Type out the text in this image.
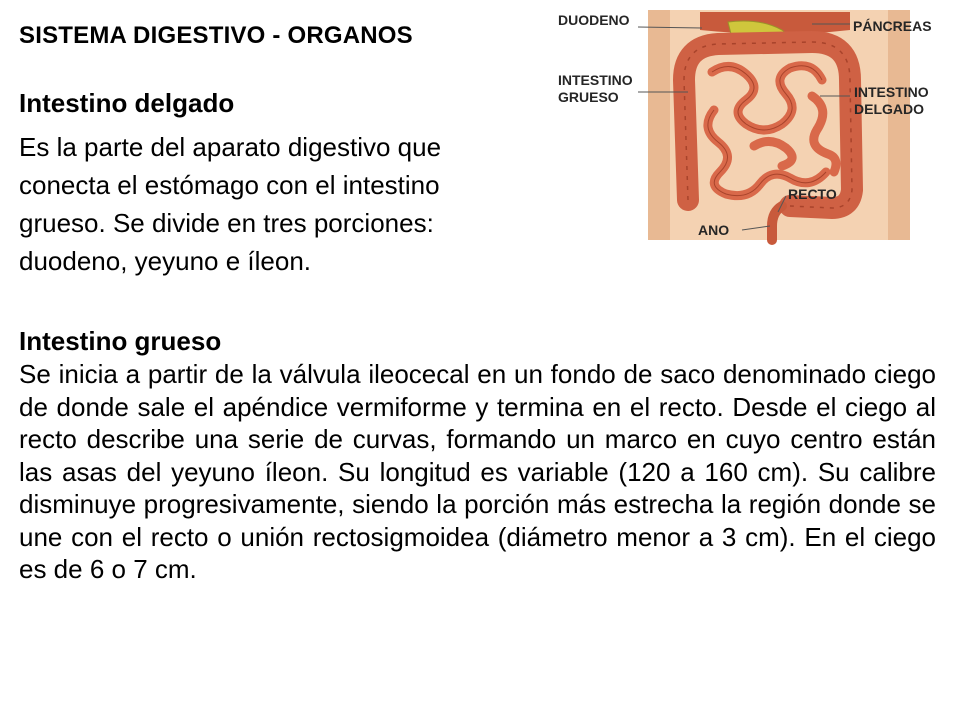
SISTEMA DIGESTIVO - ORGANOS
Intestino delgado
Es la parte del aparato digestivo que
conecta el estómago con el intestino
grueso. Se divide en tres porciones:
duodeno, yeyuno e íleon.
Intestino grueso

Se inicia a partir de la válvula ileocecal en un fondo de saco denominado ciego de donde sale el apéndice vermiforme y termina en el recto. Desde el ciego al recto describe una serie de curvas, formando un marco en cuyo centro están las asas del yeyuno íleon. Su longitud es variable (120 a 160 cm). Su calibre disminuye progresivamente, siendo la porción más estrecha la región donde se une con el recto o unión rectosigmoidea (diámetro menor a 3 cm). En el ciego es de 6 o 7 cm.

DUODENO	PÁNCREAS
INTESTINO
GRUESO	INTESTINO
DELGADO
RECTO
ANO
